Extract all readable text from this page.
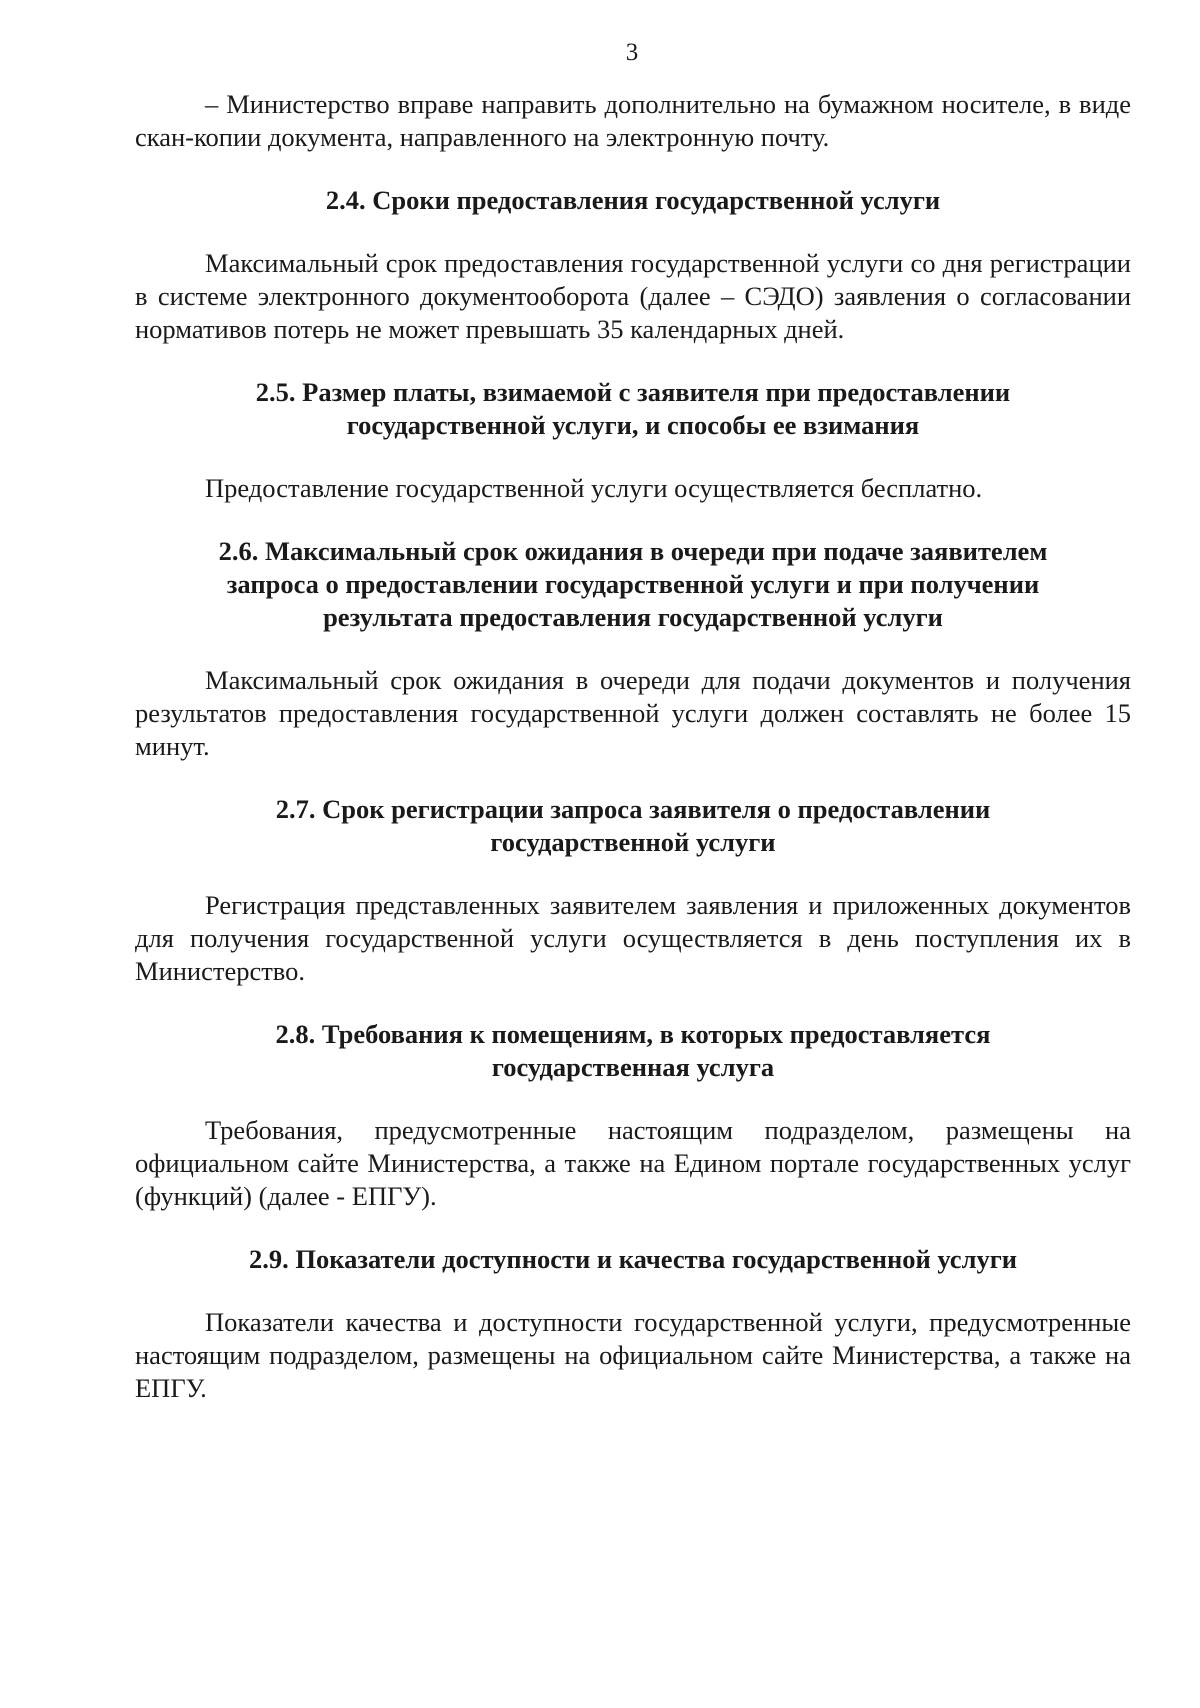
3

– Министерство вправе направить дополнительно на бумажном носителе, в виде скан-копии документа, направленного на электронную почту.

2.4. Сроки предоставления государственной услуги

Максимальный срок предоставления государственной услуги со дня регистрации в системе электронного документооборота (далее – СЭДО) заявления о согласовании нормативов потерь не может превышать 35 календарных дней.

2.5. Размер платы, взимаемой с заявителя при предоставлении
государственной услуги, и способы ее взимания

Предоставление государственной услуги осуществляется бесплатно.

2.6. Максимальный срок ожидания в очереди при подаче заявителем
запроса о предоставлении государственной услуги и при получении
результата предоставления государственной услуги

Максимальный срок ожидания в очереди для подачи документов и получения результатов предоставления государственной услуги должен составлять не более 15 минут.

2.7. Срок регистрации запроса заявителя о предоставлении
государственной услуги

Регистрация представленных заявителем заявления и приложенных документов для получения государственной услуги осуществляется в день поступления их в Министерство.

2.8. Требования к помещениям, в которых предоставляется
государственная услуга

Требования, предусмотренные настоящим подразделом, размещены на официальном сайте Министерства, а также на Едином портале государственных услуг (функций) (далее - ЕПГУ).

2.9. Показатели доступности и качества государственной услуги

Показатели качества и доступности государственной услуги, предусмотренные настоящим подразделом, размещены на официальном сайте Министерства, а также на ЕПГУ.
